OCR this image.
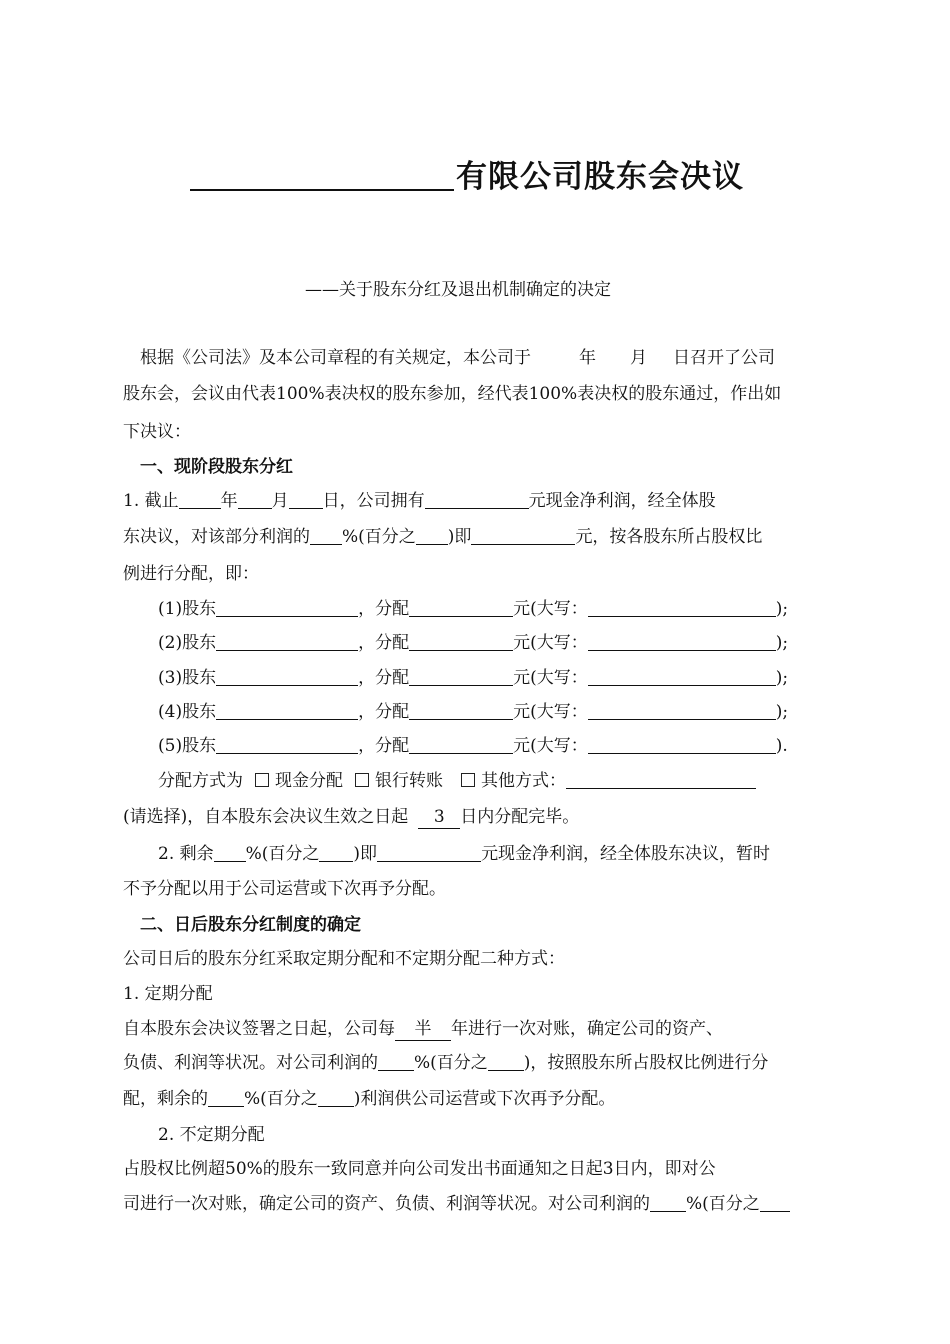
有限公司股东会决议
——关于股东分红及退出机制确定的决定
根据《公司法》及本公司章程的有关规定，本公司于	年 月 日召开了公司
股东会，会议由代表100%表决权的股东参加，经代表100%表决权的股东通过，作出如
下决议：
一、现阶段股东分红
1. 截止 年 月 日，公司拥有	元现金净利润，经全体股
东决议，对该部分利润的 %(百分之 )即	元，按各股东所占股权比
例进行分配，即：
(1)股东	，分配	元(大写：	);
(2)股东	，分配	元(大写：	);
(3)股东	，分配	元(大写：	);
(4)股东	，分配	元(大写：	);
(5)股东	，分配	元(大写：	).
分配方式为 现金分配 银行转账 其他方式：
(请选择)，自本股东会决议生效之日起 3 日内分配完毕。
2. 剩余 %(百分之 )即	元现金净利润，经全体股东决议，暂时
不予分配以用于公司运营或下次再予分配。
二、日后股东分红制度的确定
公司日后的股东分红采取定期分配和不定期分配二种方式：
1. 定期分配
自本股东会决议签署之日起，公司每 半 年进行一次对账，确定公司的资产、
负债、利润等状况。对公司利润的 %(百分之 )，按照股东所占股权比例进行分
配，剩余的 %(百分之 )利润供公司运营或下次再予分配。
2. 不定期分配
占股权比例超50%的股东一致同意并向公司发出书面通知之日起3日内，即对公
司进行一次对账，确定公司的资产、负债、利润等状况。对公司利润的 %(百分之
